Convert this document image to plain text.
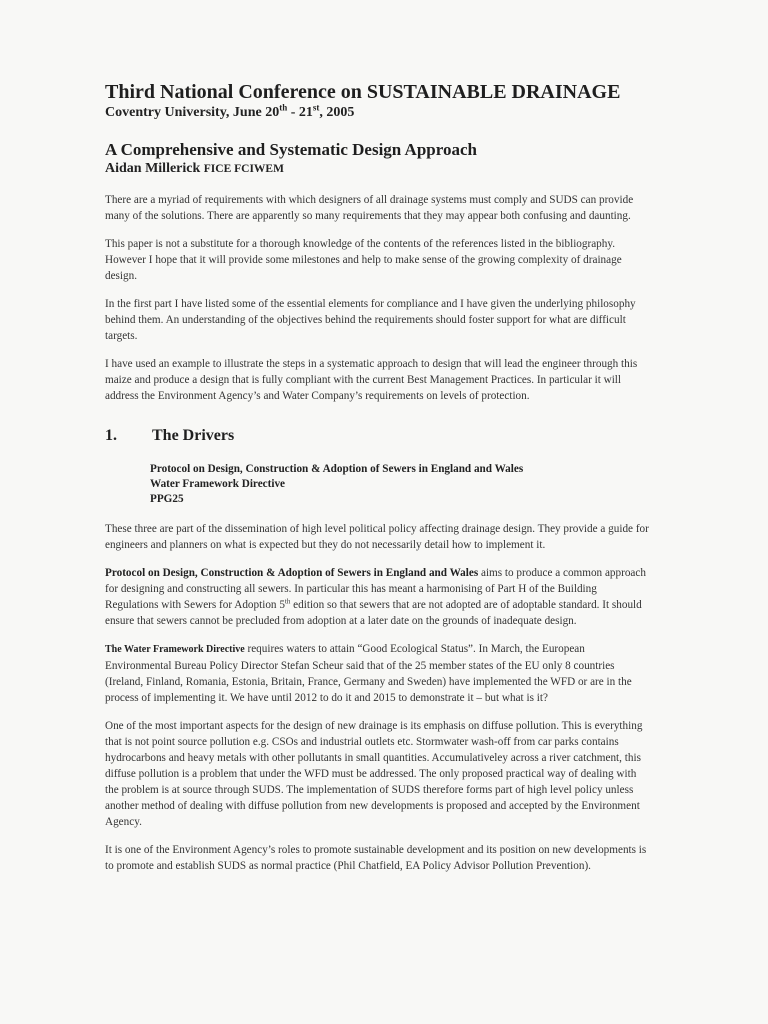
Third National Conference on SUSTAINABLE DRAINAGE
Coventry University, June 20th - 21st, 2005
A Comprehensive and Systematic Design Approach
Aidan Millerick FICE FCIWEM

There are a myriad of requirements with which designers of all drainage systems must comply and SUDS can provide many of the solutions. There are apparently so many requirements that they may appear both confusing and daunting.

This paper is not a substitute for a thorough knowledge of the contents of the references listed in the bibliography. However I hope that it will provide some milestones and help to make sense of the growing complexity of drainage design.

In the first part I have listed some of the essential elements for compliance and I have given the underlying philosophy behind them. An understanding of the objectives behind the requirements should foster support for what are difficult targets.

I have used an example to illustrate the steps in a systematic approach to design that will lead the engineer through this maize and produce a design that is fully compliant with the current Best Management Practices. In particular it will address the Environment Agency’s and Water Company’s requirements on levels of protection.

1.	The Drivers
Protocol on Design, Construction & Adoption of Sewers in England and Wales
Water Framework Directive
PPG25

These three are part of the dissemination of high level political policy affecting drainage design. They provide a guide for engineers and planners on what is expected but they do not necessarily detail how to implement it.

Protocol on Design, Construction & Adoption of Sewers in England and Wales aims to produce a common approach for designing and constructing all sewers. In particular this has meant a harmonising of Part H of the Building Regulations with Sewers for Adoption 5th edition so that sewers that are not adopted are of adoptable standard. It should ensure that sewers cannot be precluded from adoption at a later date on the grounds of inadequate design.

The Water Framework Directive requires waters to attain “Good Ecological Status”. In March, the European Environmental Bureau Policy Director Stefan Scheur said that of the 25 member states of the EU only 8 countries (Ireland, Finland, Romania, Estonia, Britain, France, Germany and Sweden) have implemented the WFD or are in the process of implementing it. We have until 2012 to do it and 2015 to demonstrate it – but what is it?

One of the most important aspects for the design of new drainage is its emphasis on diffuse pollution. This is everything that is not point source pollution e.g. CSOs and industrial outlets etc. Stormwater wash-off from car parks contains hydrocarbons and heavy metals with other pollutants in small quantities. Accumulativeley across a river catchment, this diffuse pollution is a problem that under the WFD must be addressed. The only proposed practical way of dealing with the problem is at source through SUDS. The implementation of SUDS therefore forms part of high level policy unless another method of dealing with diffuse pollution from new developments is proposed and accepted by the Environment Agency.

It is one of the Environment Agency’s roles to promote sustainable development and its position on new developments is to promote and establish SUDS as normal practice (Phil Chatfield, EA Policy Advisor Pollution Prevention).
